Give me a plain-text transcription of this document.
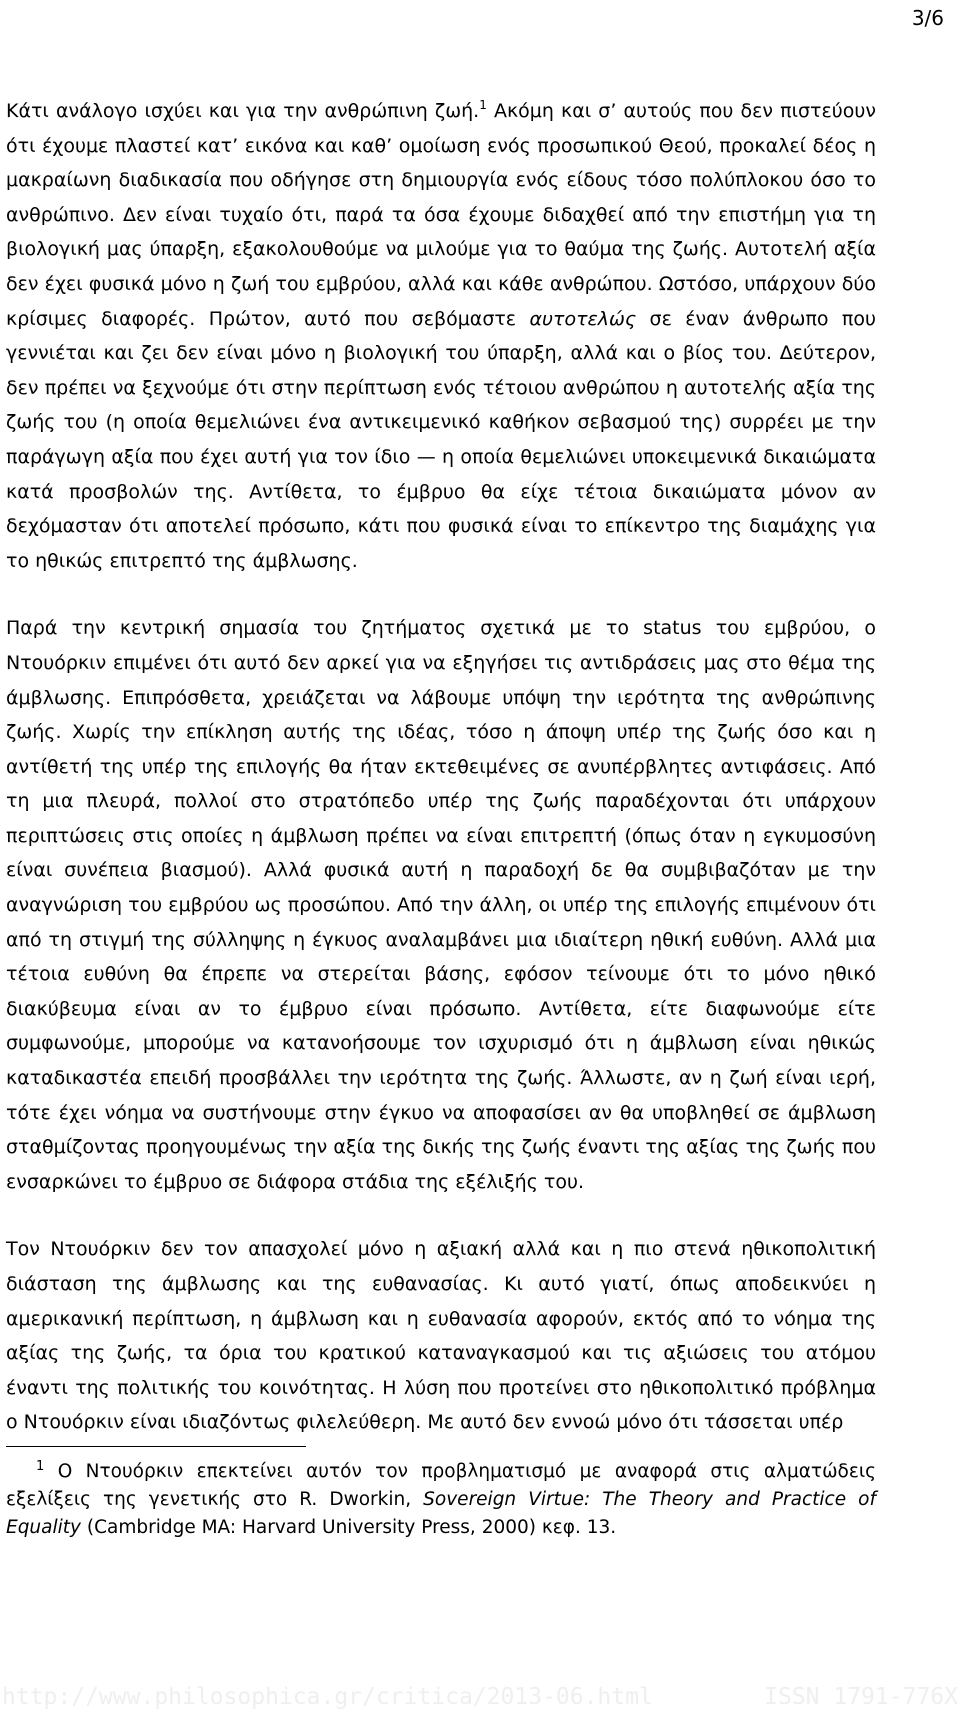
3/6

Κάτι ανάλογο ισχύει και για την ανθρώπινη ζωή.$^1$ Ακόμη και σ’ αυτούς που δεν πιστεύουν ότι έχουμε πλαστεί κατ’ εικόνα και καθ’ ομοίωση ενός προσωπικού Θεού, προκαλεί δέος η μακραίωνη διαδικασία που οδήγησε στη δημιουργία ενός είδους τόσο πολύπλοκου όσο το ανθρώπινο. Δεν είναι τυχαίο ότι, παρά τα όσα έχουμε διδαχθεί από την επιστήμη για τη βιολογική μας ύπαρξη, εξακολουθούμε να μιλούμε για το θαύμα της ζωής. Αυτοτελή αξία δεν έχει φυσικά μόνο η ζωή του εμβρύου, αλλά και κάθε ανθρώπου. Ωστόσο, υπάρχουν δύο κρίσιμες διαφορές. Πρώτον, αυτό που σεβόμαστε αυτοτελώς σε έναν άνθρωπο που γεννιέται και ζει δεν είναι μόνο η βιολογική του ύπαρξη, αλλά και ο βίος του. Δεύτερον, δεν πρέπει να ξεχνούμε ότι στην περίπτωση ενός τέτοιου ανθρώπου η αυτοτελής αξία της ζωής του (η οποία θεμελιώνει ένα αντικειμενικό καθήκον σεβασμού της) συρρέει με την παράγωγη αξία που έχει αυτή για τον ίδιο — η οποία θεμελιώνει υποκειμενικά δικαιώματα κατά προσβολών της. Αντίθετα, το έμβρυο θα είχε τέτοια δικαιώματα μόνον αν δεχόμασταν ότι αποτελεί πρόσωπο, κάτι που φυσικά είναι το επίκεντρο της διαμάχης για το ηθικώς επιτρεπτό της άμβλωσης.

Παρά την κεντρική σημασία του ζητήματος σχετικά με το status του εμβρύου, ο Ντουόρκιν επιμένει ότι αυτό δεν αρκεί για να εξηγήσει τις αντιδράσεις μας στο θέμα της άμβλωσης. Επιπρόσθετα, χρειάζεται να λάβουμε υπόψη την ιερότητα της ανθρώπινης ζωής. Χωρίς την επίκληση αυτής της ιδέας, τόσο η άποψη υπέρ της ζωής όσο και η αντίθετή της υπέρ της επιλογής θα ήταν εκτεθειμένες σε ανυπέρβλητες αντιφάσεις. Από τη μια πλευρά, πολλοί στο στρατόπεδο υπέρ της ζωής παραδέχονται ότι υπάρχουν περιπτώσεις στις οποίες η άμβλωση πρέπει να είναι επιτρεπτή (όπως όταν η εγκυμοσύνη είναι συνέπεια βιασμού). Αλλά φυσικά αυτή η παραδοχή δε θα συμβιβαζόταν με την αναγνώριση του εμβρύου ως προσώπου. Από την άλλη, οι υπέρ της επιλογής επιμένουν ότι από τη στιγμή της σύλληψης η έγκυος αναλαμβάνει μια ιδιαίτερη ηθική ευθύνη. Αλλά μια τέτοια ευθύνη θα έπρεπε να στερείται βάσης, εφόσον τείνουμε ότι το μόνο ηθικό διακύβευμα είναι αν το έμβρυο είναι πρόσωπο. Αντίθετα, είτε διαφωνούμε είτε συμφωνούμε, μπορούμε να κατανοήσουμε τον ισχυρισμό ότι η άμβλωση είναι ηθικώς καταδικαστέα επειδή προσβάλλει την ιερότητα της ζωής. Άλλωστε, αν η ζωή είναι ιερή, τότε έχει νόημα να συστήνουμε στην έγκυο να αποφασίσει αν θα υποβληθεί σε άμβλωση σταθμίζοντας προηγουμένως την αξία της δικής της ζωής έναντι της αξίας της ζωής που ενσαρκώνει το έμβρυο σε διάφορα στάδια της εξέλιξής του.

Τον Ντουόρκιν δεν τον απασχολεί μόνο η αξιακή αλλά και η πιο στενά ηθικοπολιτική διάσταση της άμβλωσης και της ευθανασίας. Κι αυτό γιατί, όπως αποδεικνύει η αμερικανική περίπτωση, η άμβλωση και η ευθανασία αφορούν, εκτός από το νόημα της αξίας της ζωής, τα όρια του κρατικού καταναγκασμού και τις αξιώσεις του ατόμου έναντι της πολιτικής του κοινότητας. Η λύση που προτείνει στο ηθικοπολιτικό πρόβλημα ο Ντουόρκιν είναι ιδιαζόντως φιλελεύθερη. Με αυτό δεν εννοώ μόνο ότι τάσσεται υπέρ

$^1$ Ο Ντουόρκιν επεκτείνει αυτόν τον προβληματισμό με αναφορά στις αλματώδεις εξελίξεις της γενετικής στο R. Dworkin, Sovereign Virtue: The Theory and Practice of Equality (Cambridge MA: Harvard University Press, 2000) κεφ. 13.

http://www.philosophica.gr/critica/2013-06.html	ISSN 1791-776X
